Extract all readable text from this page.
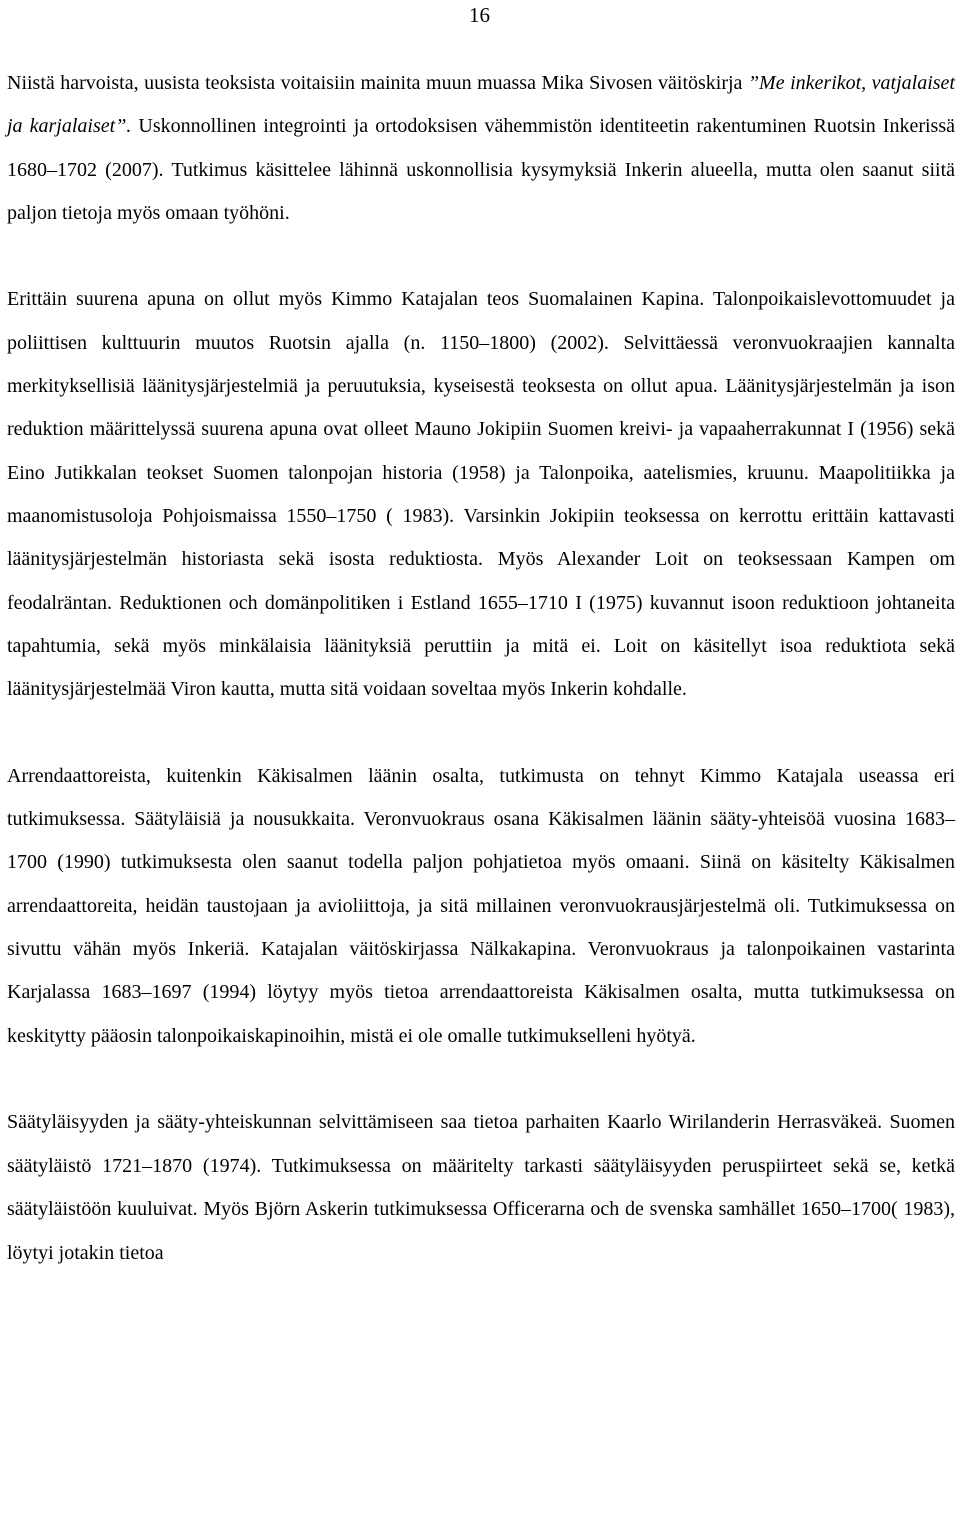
16

Niistä harvoista, uusista teoksista voitaisiin mainita muun muassa Mika Sivosen väitöskirja ”Me inkerikot, vatjalaiset ja karjalaiset”. Uskonnollinen integrointi ja ortodoksisen vähemmistön identiteetin rakentuminen Ruotsin Inkerissä 1680–1702 (2007). Tutkimus käsittelee lähinnä uskonnollisia kysymyksiä Inkerin alueella, mutta olen saanut siitä paljon tietoja myös omaan työhöni.

Erittäin suurena apuna on ollut myös Kimmo Katajalan teos Suomalainen Kapina. Talonpoikaislevottomuudet ja poliittisen kulttuurin muutos Ruotsin ajalla (n. 1150–1800) (2002). Selvittäessä veronvuokraajien kannalta merkityksellisiä läänitysjärjestelmiä ja peruutuksia, kyseisestä teoksesta on ollut apua. Läänitysjärjestelmän ja ison reduktion määrittelyssä suurena apuna ovat olleet Mauno Jokipiin Suomen kreivi- ja vapaaherrakunnat I (1956) sekä Eino Jutikkalan teokset Suomen talonpojan historia (1958) ja Talonpoika, aatelismies, kruunu. Maapolitiikka ja maanomistusoloja Pohjoismaissa 1550–1750 ( 1983). Varsinkin Jokipiin teoksessa on kerrottu erittäin kattavasti läänitysjärjestelmän historiasta sekä isosta reduktiosta. Myös Alexander Loit on teoksessaan Kampen om feodalräntan. Reduktionen och domänpolitiken i Estland 1655–1710 I (1975) kuvannut isoon reduktioon johtaneita tapahtumia, sekä myös minkälaisia läänityksiä peruttiin ja mitä ei. Loit on käsitellyt isoa reduktiota sekä läänitysjärjestelmää Viron kautta, mutta sitä voidaan soveltaa myös Inkerin kohdalle.

Arrendaattoreista, kuitenkin Käkisalmen läänin osalta, tutkimusta on tehnyt Kimmo Katajala useassa eri tutkimuksessa. Säätyläisiä ja nousukkaita. Veronvuokraus osana Käkisalmen läänin sääty-yhteisöä vuosina 1683–1700 (1990) tutkimuksesta olen saanut todella paljon pohjatietoa myös omaani. Siinä on käsitelty Käkisalmen arrendaattoreita, heidän taustojaan ja avioliittoja, ja sitä millainen veronvuokrausjärjestelmä oli. Tutkimuksessa on sivuttu vähän myös Inkeriä. Katajalan väitöskirjassa Nälkakapina. Veronvuokraus ja talonpoikainen vastarinta Karjalassa 1683–1697 (1994) löytyy myös tietoa arrendaattoreista Käkisalmen osalta, mutta tutkimuksessa on keskitytty pääosin talonpoikaiskapinoihin, mistä ei ole omalle tutkimukselleni hyötyä.

Säätyläisyyden ja sääty-yhteiskunnan selvittämiseen saa tietoa parhaiten Kaarlo Wirilanderin Herrasväkeä. Suomen säätyläistö 1721–1870 (1974). Tutkimuksessa on määritelty tarkasti säätyläisyyden peruspiirteet sekä se, ketkä säätyläistöön kuuluivat. Myös Björn Askerin tutkimuksessa Officerarna och de svenska samhället 1650–1700( 1983), löytyi jotakin tietoa
